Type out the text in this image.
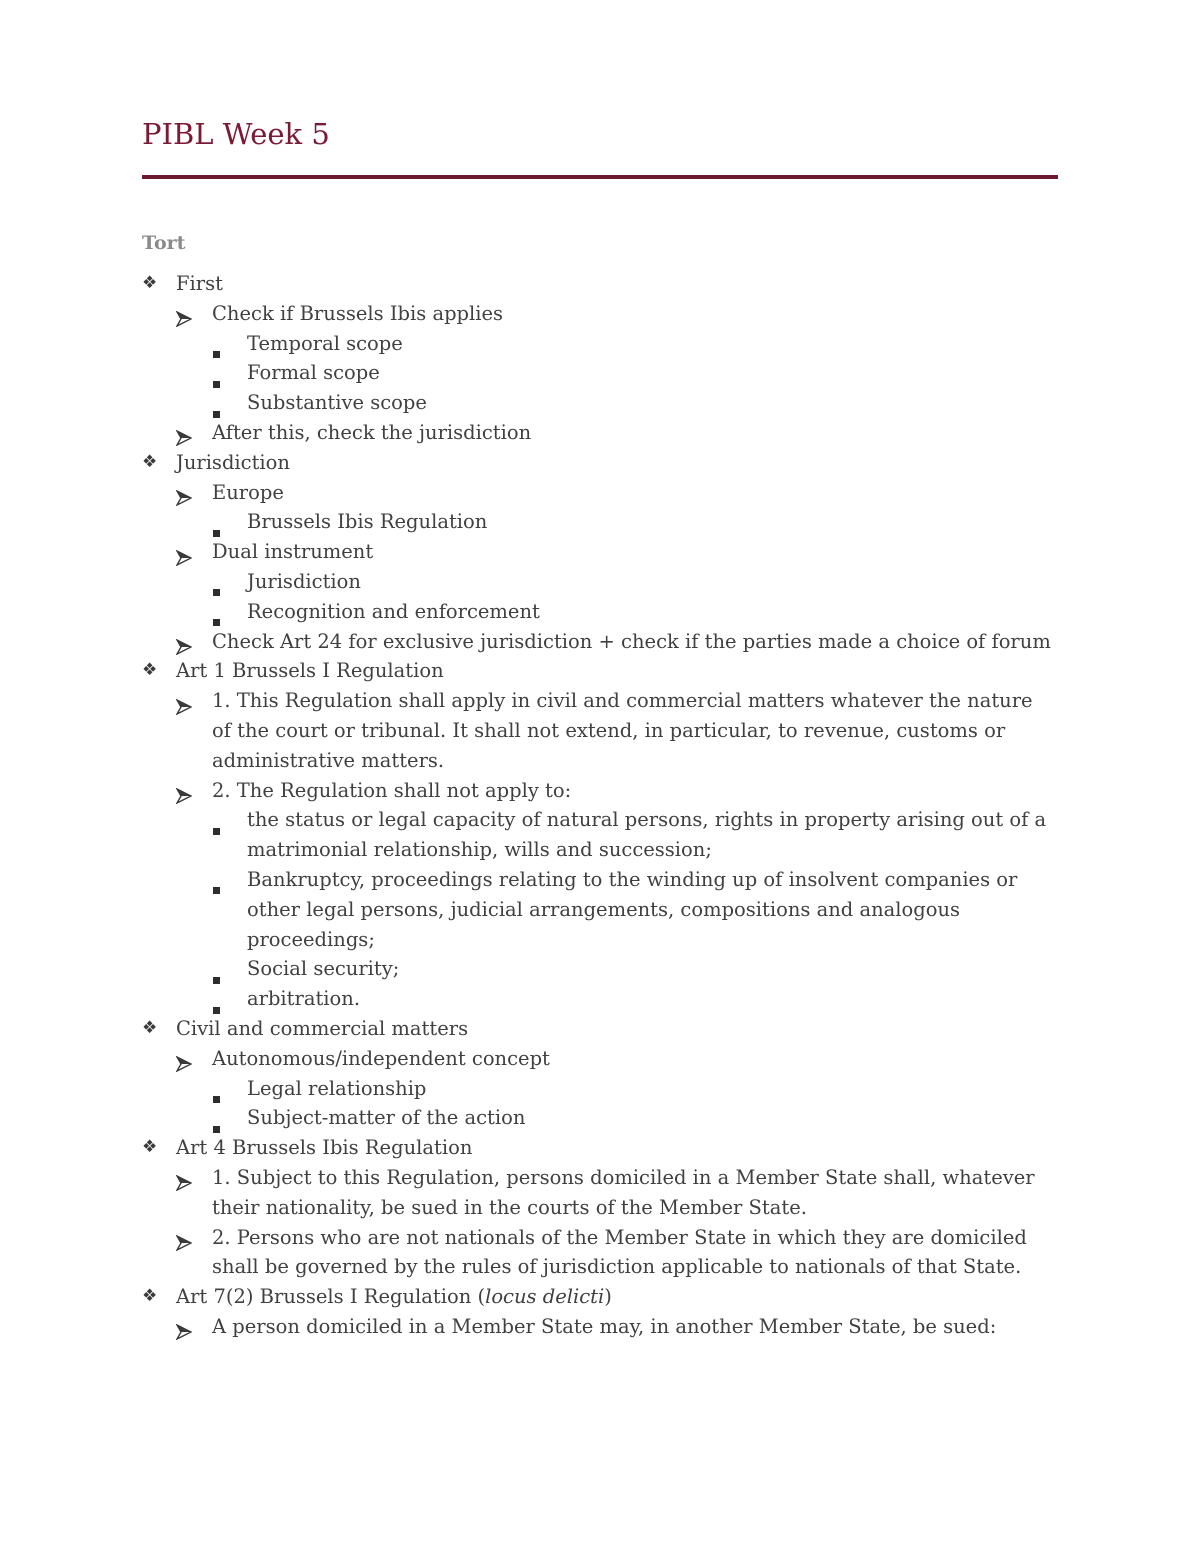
PIBL Week 5
Tort
❖ First
Check if Brussels Ibis applies
Temporal scope
Formal scope
Substantive scope
After this, check the jurisdiction
❖ Jurisdiction
Europe
Brussels Ibis Regulation
Dual instrument
Jurisdiction
Recognition and enforcement
Check Art 24 for exclusive jurisdiction + check if the parties made a choice of forum
❖ Art 1 Brussels I Regulation
1. This Regulation shall apply in civil and commercial matters whatever the nature
of the court or tribunal. It shall not extend, in particular, to revenue, customs or
administrative matters.
2. The Regulation shall not apply to:
the status or legal capacity of natural persons, rights in property arising out of a
matrimonial relationship, wills and succession;
Bankruptcy, proceedings relating to the winding up of insolvent companies or
other legal persons, judicial arrangements, compositions and analogous
proceedings;
Social security;
arbitration.
❖ Civil and commercial matters
Autonomous/independent concept
Legal relationship
Subject-matter of the action
❖ Art 4 Brussels Ibis Regulation
1. Subject to this Regulation, persons domiciled in a Member State shall, whatever
their nationality, be sued in the courts of the Member State.
2. Persons who are not nationals of the Member State in which they are domiciled
shall be governed by the rules of jurisdiction applicable to nationals of that State.
❖ Art 7(2) Brussels I Regulation (locus delicti)
A person domiciled in a Member State may, in another Member State, be sued:
